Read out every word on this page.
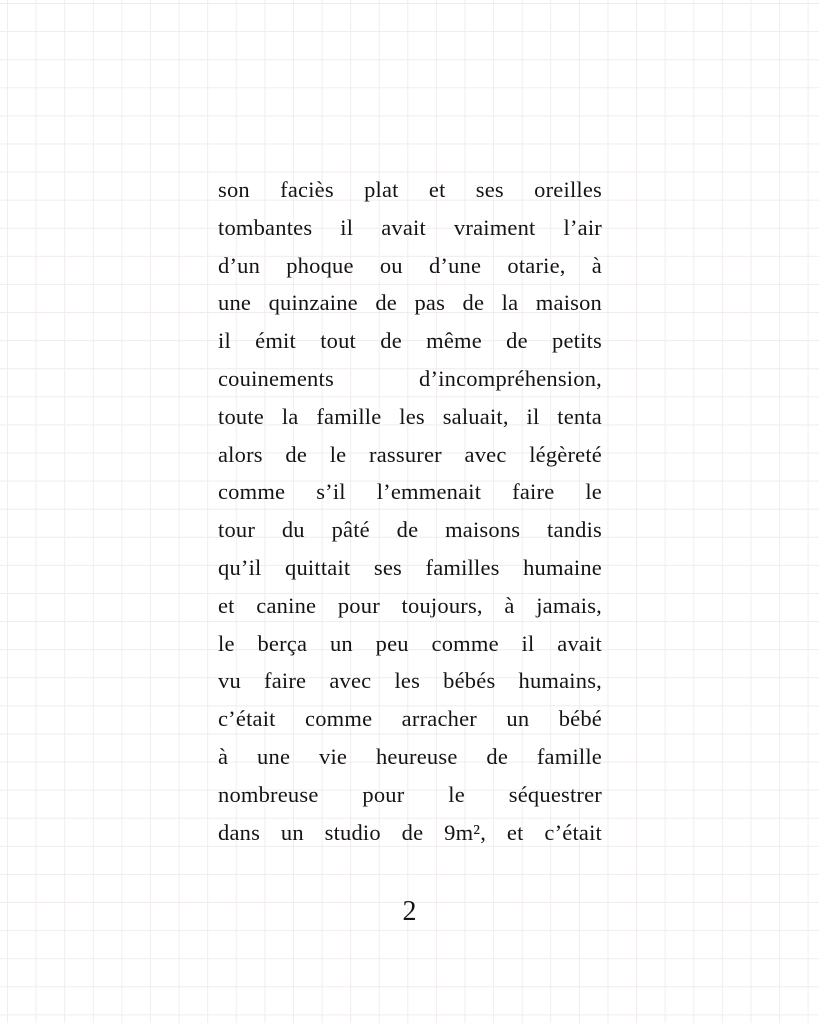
son faciès plat et ses oreilles
tombantes il avait vraiment l’air
d’un phoque ou d’une otarie, à
une quinzaine de pas de la maison
il émit tout de même de petits
couinements d’incompréhension,
toute la famille les saluait, il tenta
alors de le rassurer avec légèreté
comme s’il l’emmenait faire le
tour du pâté de maisons tandis
qu’il quittait ses familles humaine
et canine pour toujours, à jamais,
le berça un peu comme il avait
vu faire avec les bébés humains,
c’était comme arracher un bébé
à une vie heureuse de famille
nombreuse pour le séquestrer
dans un studio de 9m², et c’était
2
